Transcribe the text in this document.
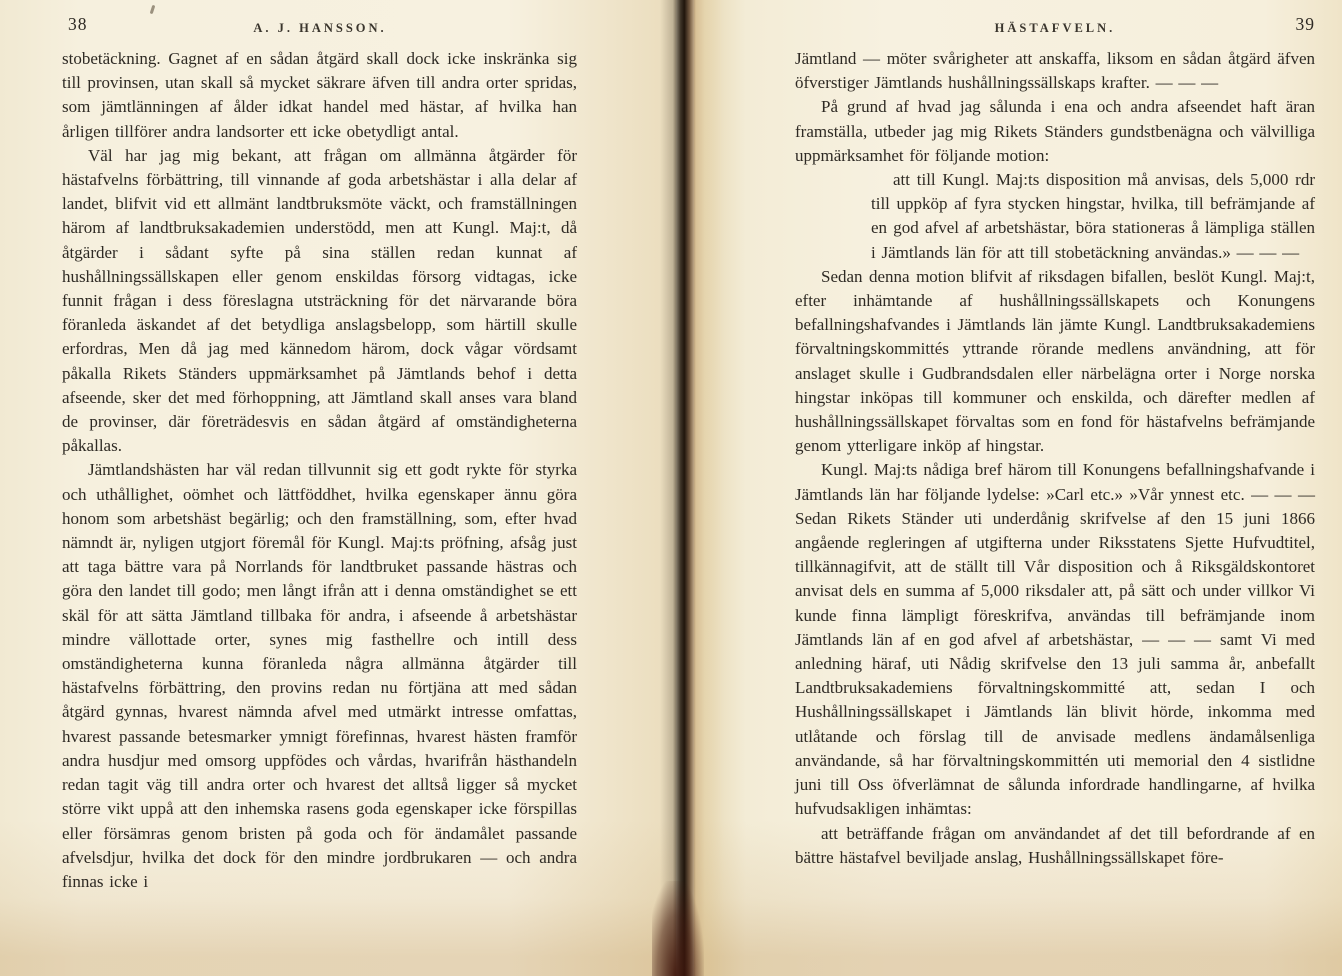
38	A. J. HANSSON.

stobetäckning. Gagnet af en sådan åtgärd skall dock icke inskränka sig till provinsen, utan skall så mycket säkrare äfven till andra orter spridas, som jämtlänningen af ålder idkat handel med hästar, af hvilka han årligen tillförer andra landsorter ett icke obetydligt antal.

Väl har jag mig bekant, att frågan om allmänna åtgärder för hästafvelns förbättring, till vinnande af goda arbetshästar i alla delar af landet, blifvit vid ett allmänt landtbruksmöte väckt, och framställningen härom af landtbruksakademien understödd, men att Kungl. Maj:t, då åtgärder i sådant syfte på sina ställen redan kunnat af hushållningssällskapen eller genom enskildas försorg vidtagas, icke funnit frågan i dess föreslagna utsträckning för det närvarande böra föranleda äskandet af det betydliga anslagsbelopp, som härtill skulle erfordras, Men då jag med kännedom härom, dock vågar vördsamt påkalla Rikets Ständers uppmärksamhet på Jämtlands behof i detta afseende, sker det med förhoppning, att Jämtland skall anses vara bland de provinser, där företrädesvis en sådan åtgärd af omständigheterna påkallas.

Jämtlandshästen har väl redan tillvunnit sig ett godt rykte för styrka och uthållighet, oömhet och lättföddhet, hvilka egenskaper ännu göra honom som arbetshäst begärlig; och den framställning, som, efter hvad nämndt är, nyligen utgjort föremål för Kungl. Maj:ts pröfning, afsåg just att taga bättre vara på Norrlands för landtbruket passande hästras och göra den landet till godo; men långt ifrån att i denna omständighet se ett skäl för att sätta Jämtland tillbaka för andra, i afseende å arbetshästar mindre vällottade orter, synes mig fasthellre och intill dess omständigheterna kunna föranleda några allmänna åtgärder till hästafvelns förbättring, den provins redan nu förtjäna att med sådan åtgärd gynnas, hvarest nämnda afvel med utmärkt intresse omfattas, hvarest passande betesmarker ymnigt förefinnas, hvarest hästen framför andra husdjur med omsorg uppfödes och vårdas, hvarifrån hästhandeln redan tagit väg till andra orter och hvarest det alltså ligger så mycket större vikt uppå att den inhemska rasens goda egenskaper icke förspillas eller försämras genom bristen på goda och för ändamålet passande afvelsdjur, hvilka det dock för den mindre jordbrukaren — och andra finnas icke i

39
HÄSTAFVELN.

Jämtland — möter svårigheter att anskaffa, liksom en sådan åtgärd äfven öfverstiger Jämtlands hushållningssällskaps krafter. — — —

På grund af hvad jag sålunda i ena och andra afseendet haft äran framställa, utbeder jag mig Rikets Ständers gundstbenägna och välvilliga uppmärksamhet för följande motion:

att till Kungl. Maj:ts disposition må anvisas, dels 5,000 rdr till uppköp af fyra stycken hingstar, hvilka, till befrämjande af en god afvel af arbetshästar, böra stationeras å lämpliga ställen i Jämtlands län för att till stobetäckning användas.» — — —

Sedan denna motion blifvit af riksdagen bifallen, beslöt Kungl. Maj:t, efter inhämtande af hushållningssällskapets och Konungens befallningshafvandes i Jämtlands län jämte Kungl. Landtbruksakademiens förvaltningskommittés yttrande rörande medlens användning, att för anslaget skulle i Gudbrandsdalen eller närbelägna orter i Norge norska hingstar inköpas till kommuner och enskilda, och därefter medlen af hushållningssällskapet förvaltas som en fond för hästafvelns befrämjande genom ytterligare inköp af hingstar.

Kungl. Maj:ts nådiga bref härom till Konungens befallningshafvande i Jämtlands län har följande lydelse: »Carl etc.» »Vår ynnest etc. — — — Sedan Rikets Ständer uti underdånig skrifvelse af den 15 juni 1866 angående regleringen af utgifterna under Riksstatens Sjette Hufvudtitel, tillkännagifvit, att de ställt till Vår disposition och å Riksgäldskontoret anvisat dels en summa af 5,000 riksdaler att, på sätt och under villkor Vi kunde finna lämpligt föreskrifva, användas till befrämjande inom Jämtlands län af en god afvel af arbetshästar, — — — samt Vi med anledning häraf, uti Nådig skrifvelse den 13 juli samma år, anbefallt Landtbruksakademiens förvaltningskommitté att, sedan I och Hushållningssällskapet i Jämtlands län blivit hörde, inkomma med utlåtande och förslag till de anvisade medlens ändamålsenliga användande, så har förvaltningskommittén uti memorial den 4 sistlidne juni till Oss öfverlämnat de sålunda infordrade handlingarne, af hvilka hufvudsakligen inhämtas:

att beträffande frågan om användandet af det till befordrande af en bättre hästafvel beviljade anslag, Hushållningssällskapet före-
